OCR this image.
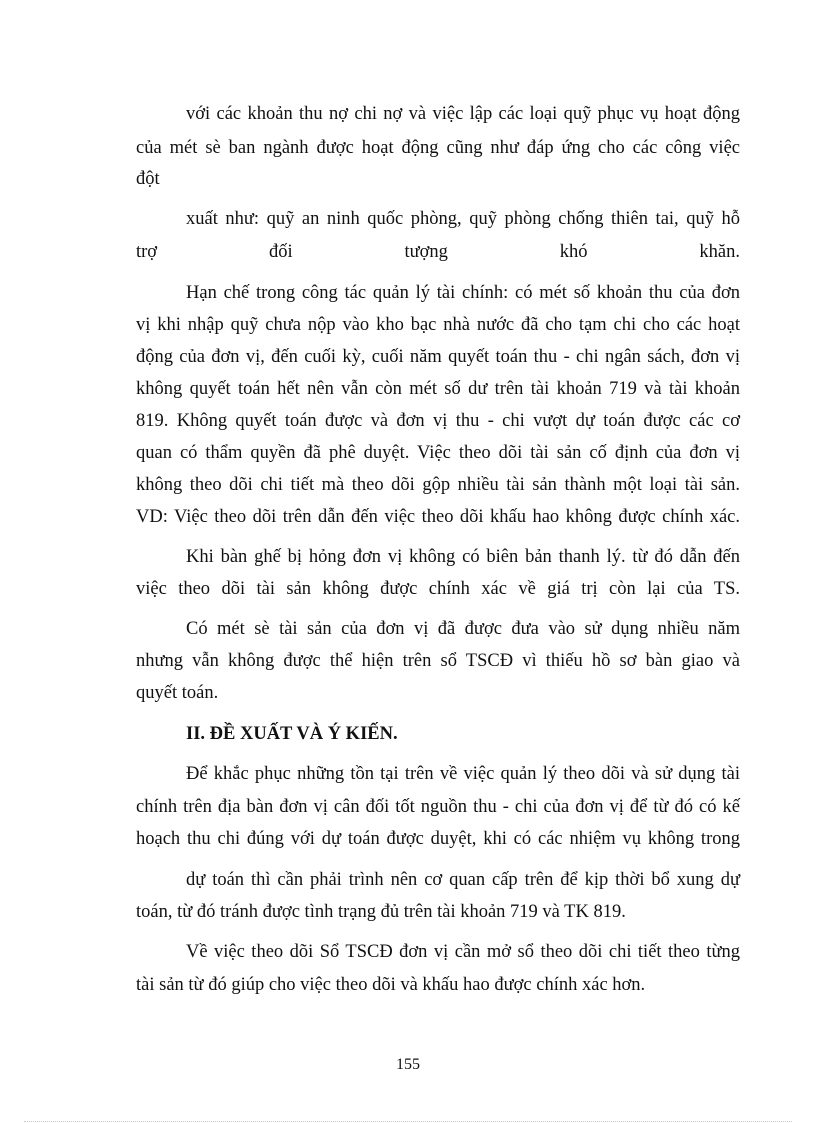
với các khoản thu nợ chi nợ và việc lập các loại quỹ phục vụ hoạt động
của mét sè ban ngành được hoạt động cũng như đáp ứng cho các công việc
đột
xuất như: quỹ an ninh quốc phòng, quỹ phòng chống thiên tai, quỹ hỗ
trợ đối tượng khó khăn.
Hạn chế trong công tác quản lý tài chính: có mét số khoản thu của đơn
vị khi nhập quỹ chưa nộp vào kho bạc nhà nước đã cho tạm chi cho các hoạt
động của đơn vị, đến cuối kỳ, cuối năm quyết toán thu - chi ngân sách, đơn vị
không quyết toán hết nên vẫn còn mét số dư trên tài khoản 719 và tài khoản
819. Không quyết toán được và đơn vị thu - chi vượt dự toán được các cơ
quan có thẩm quyền đã phê duyệt. Việc theo dõi tài sản cố định của đơn vị
không theo dõi chi tiết mà theo dõi gộp nhiều tài sản thành một loại tài sản.
VD: Việc theo dõi trên dẫn đến việc theo dõi khấu hao không được chính xác.
Khi bàn ghế bị hỏng đơn vị không có biên bản thanh lý. từ đó dẫn đến
việc theo dõi tài sản không được chính xác về giá trị còn lại của TS.
Có mét sè tài sản của đơn vị đã được đưa vào sử dụng nhiều năm
nhưng vẫn không được thể hiện trên sổ TSCĐ vì thiếu hồ sơ bàn giao và
quyết toán.
II. ĐỀ XUẤT VÀ Ý KIẾN.
Để khắc phục những tồn tại trên về việc quản lý theo dõi và sử dụng tài
chính trên địa bàn đơn vị cân đối tốt nguồn thu - chi của đơn vị để từ đó có kế
hoạch thu chi đúng với dự toán được duyệt, khi có các nhiệm vụ không trong
dự toán thì cần phải trình nên cơ quan cấp trên để kịp thời bổ xung dự
toán, từ đó tránh được tình trạng đủ trên tài khoản 719 và TK 819.
Về việc theo dõi Sổ TSCĐ đơn vị cần mở sổ theo dõi chi tiết theo từng
tài sản từ đó giúp cho việc theo dõi và khấu hao được chính xác hơn.
155
